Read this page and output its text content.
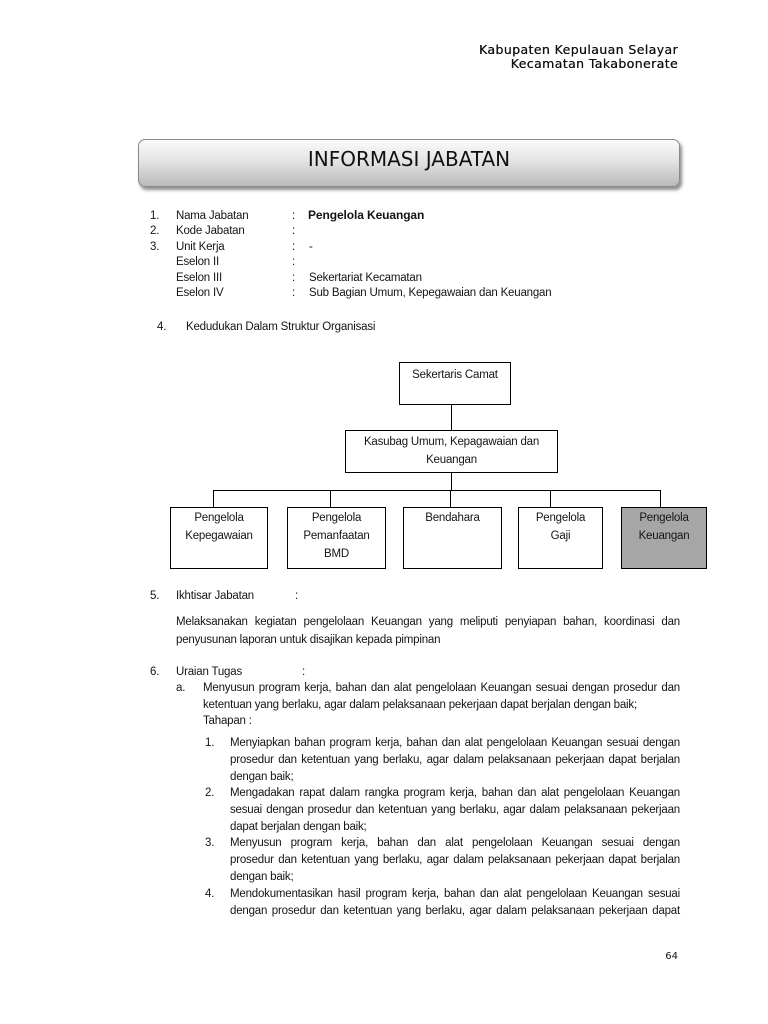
Kabupaten Kepulauan Selayar
Kecamatan Takabonerate
INFORMASI JABATAN
1. Nama Jabatan	: Pengelola Keuangan
2. Kode Jabatan	:
3. Unit Kerja	: -
Eselon II	:
Eselon III	: Sekertariat Kecamatan
Eselon IV	: Sub Bagian Umum, Kepegawaian dan Keuangan
4. Kedudukan Dalam Struktur Organisasi
Sekertaris Camat
Kasubag Umum, Kepagawaian dan
Keuangan
Pengelola
Kepegawaian
Pengelola
Pemanfaatan
BMD
Bendahara	Pengelola
Gaji
Pengelola
Keuangan
5. Ikhtisar Jabatan	:
Melaksanakan kegiatan pengelolaan Keuangan yang meliputi penyiapan bahan, koordinasi dan
penyusunan laporan untuk disajikan kepada pimpinan
6. Uraian Tugas	:
a. Menyusun program kerja, bahan dan alat pengelolaan Keuangan sesuai dengan prosedur dan
ketentuan yang berlaku, agar dalam pelaksanaan pekerjaan dapat berjalan dengan baik;
Tahapan :
1. Menyiapkan bahan program kerja, bahan dan alat pengelolaan Keuangan sesuai dengan
prosedur dan ketentuan yang berlaku, agar dalam pelaksanaan pekerjaan dapat berjalan
dengan baik;
2. Mengadakan rapat dalam rangka program kerja, bahan dan alat pengelolaan Keuangan
sesuai dengan prosedur dan ketentuan yang berlaku, agar dalam pelaksanaan pekerjaan
dapat berjalan dengan baik;
3. Menyusun program kerja, bahan dan alat pengelolaan Keuangan sesuai dengan
prosedur dan ketentuan yang berlaku, agar dalam pelaksanaan pekerjaan dapat berjalan
dengan baik;
4. Mendokumentasikan hasil program kerja, bahan dan alat pengelolaan Keuangan sesuai
dengan prosedur dan ketentuan yang berlaku, agar dalam pelaksanaan pekerjaan dapat
64
